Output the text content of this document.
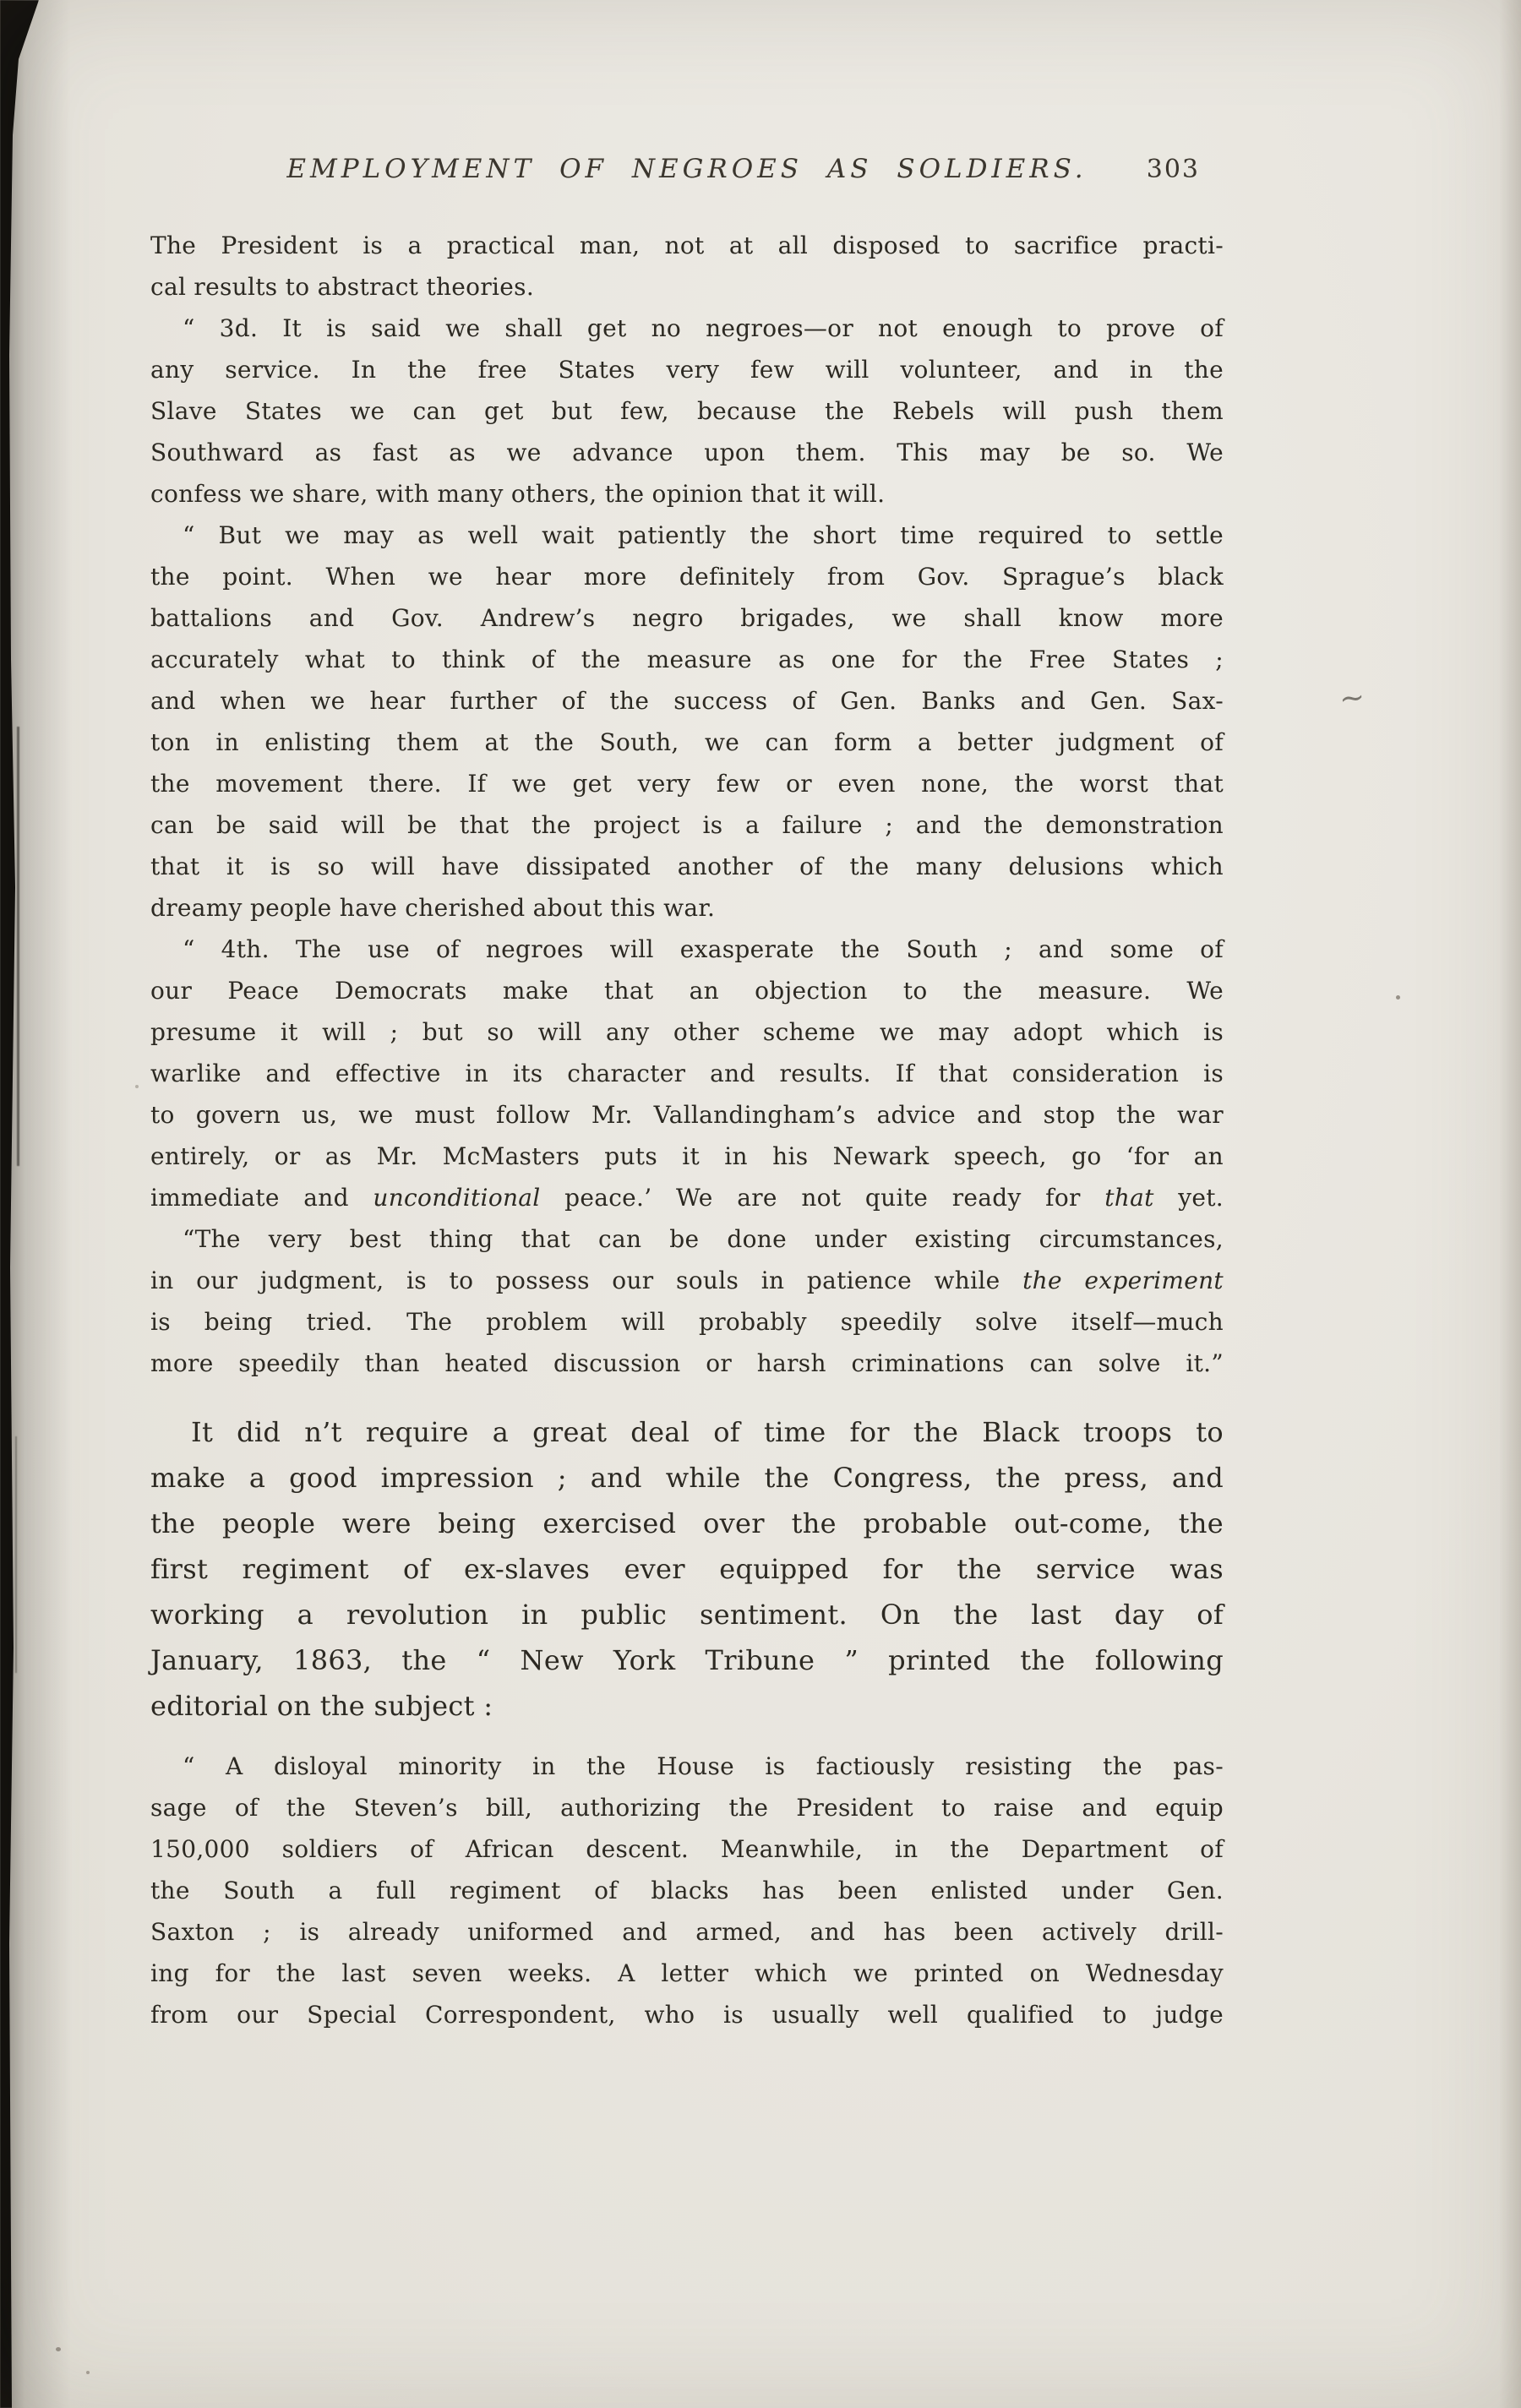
EMPLOYMENT OF NEGROES AS SOLDIERS. 303
The President is a practical man, not at all disposed to sacrifice practi-
cal results to abstract theories.
“ 3d. It is said we shall get no negroes—or not enough to prove of
any service. In the free States very few will volunteer, and in the
Slave States we can get but few, because the Rebels will push them
Southward as fast as we advance upon them. This may be so. We
confess we share, with many others, the opinion that it will.
“ But we may as well wait patiently the short time required to settle
the point. When we hear more definitely from Gov. Sprague’s black
battalions and Gov. Andrew’s negro brigades, we shall know more
accurately what to think of the measure as one for the Free States ;
and when we hear further of the success of Gen. Banks and Gen. Sax-
ton in enlisting them at the South, we can form a better judgment of
the movement there. If we get very few or even none, the worst that
can be said will be that the project is a failure ; and the demonstration
that it is so will have dissipated another of the many delusions which
dreamy people have cherished about this war.
“ 4th. The use of negroes will exasperate the South ; and some of
our Peace Democrats make that an objection to the measure. We
presume it will ; but so will any other scheme we may adopt which is
warlike and effective in its character and results. If that consideration is
to govern us, we must follow Mr. Vallandingham’s advice and stop the war
entirely, or as Mr. McMasters puts it in his Newark speech, go ‘for an
immediate and unconditional peace.’ We are not quite ready for that yet.
“The very best thing that can be done under existing circumstances,
in our judgment, is to possess our souls in patience while the experiment
is being tried. The problem will probably speedily solve itself—much
more speedily than heated discussion or harsh criminations can solve it.”
It did n’t require a great deal of time for the Black troops to
make a good impression ; and while the Congress, the press, and
the people were being exercised over the probable out-come, the
first regiment of ex-slaves ever equipped for the service was
working a revolution in public sentiment. On the last day of
January, 1863, the “ New York Tribune ” printed the following
editorial on the subject :
“ A disloyal minority in the House is factiously resisting the pas-
sage of the Steven’s bill, authorizing the President to raise and equip
150,000 soldiers of African descent. Meanwhile, in the Department of
the South a full regiment of blacks has been enlisted under Gen.
Saxton ; is already uniformed and armed, and has been actively drill-
ing for the last seven weeks. A letter which we printed on Wednesday
from our Special Correspondent, who is usually well qualified to judge
~
